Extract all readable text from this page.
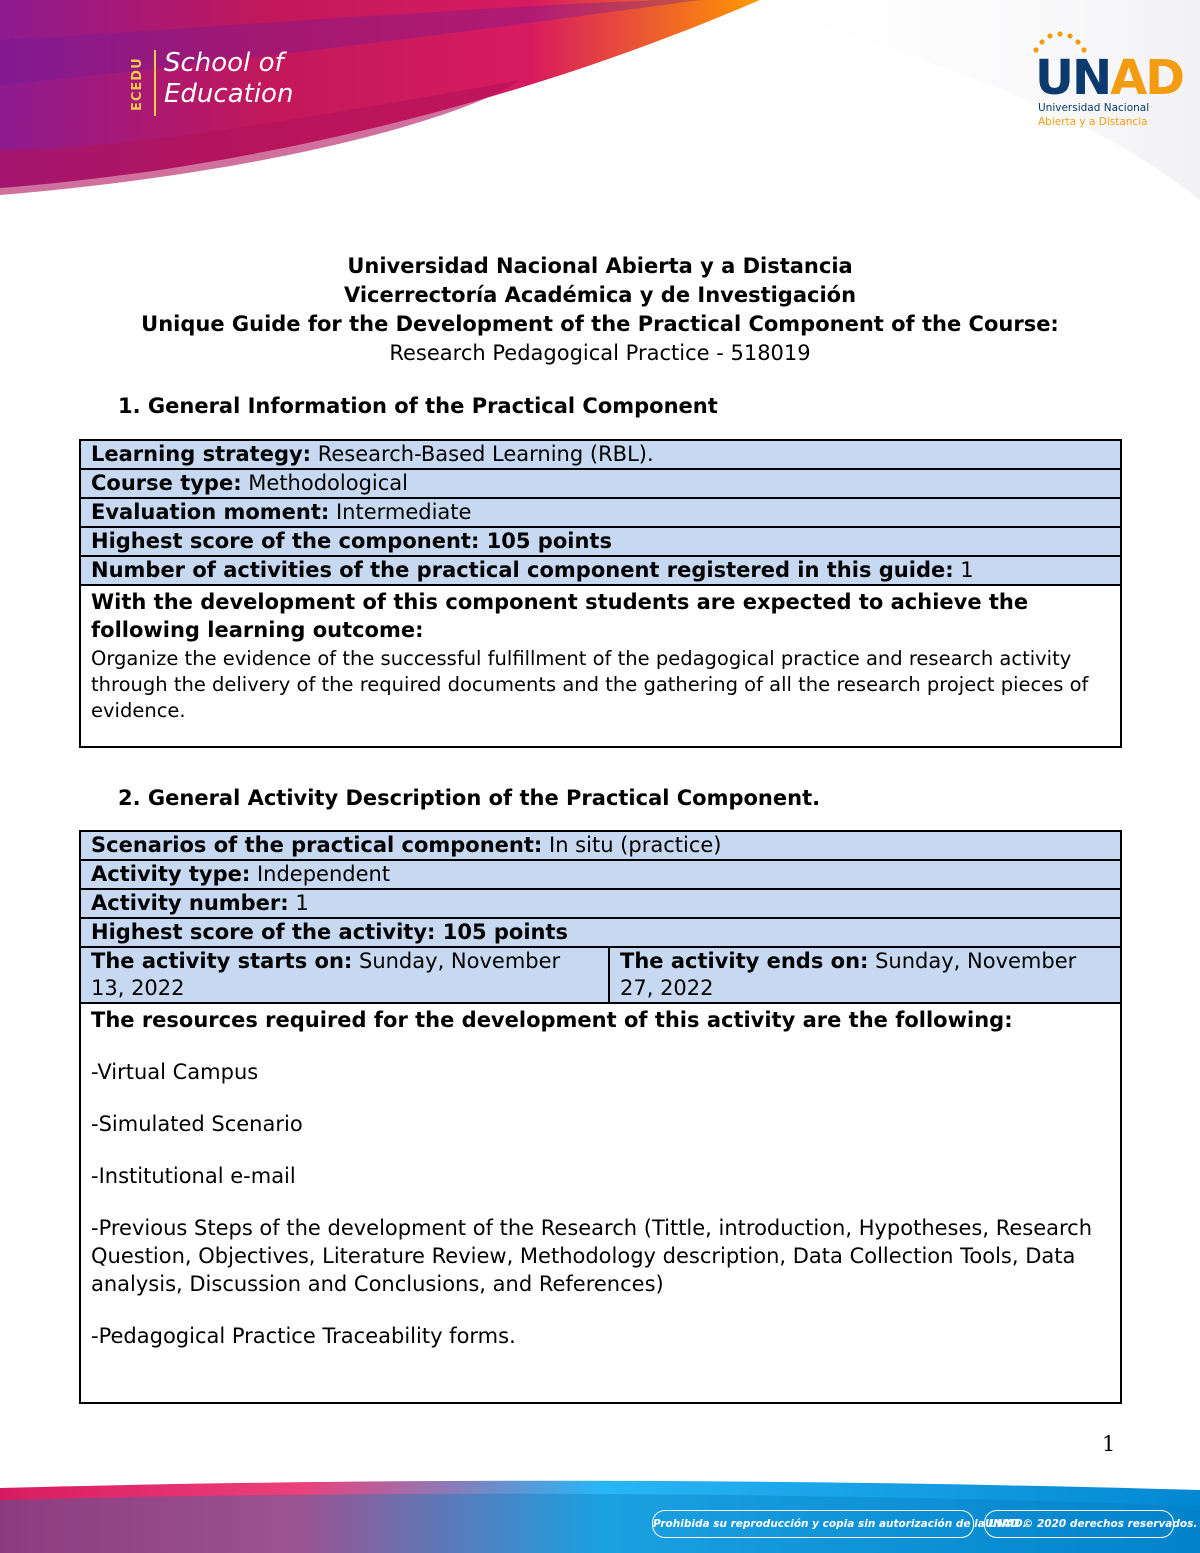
ECEDU School of
Education	UNAD
Universidad Nacional
Abierta y a Distancia
Universidad Nacional Abierta y a Distancia
Vicerrectoría Académica y de Investigación
Unique Guide for the Development of the Practical Component of the Course:
Research Pedagogical Practice - 518019
1. General Information of the Practical Component
Learning strategy: Research-Based Learning (RBL).
Course type: Methodological
Evaluation moment: Intermediate
Highest score of the component: 105 points
Number of activities of the practical component registered in this guide: 1

With the development of this component students are expected to achieve the following learning outcome:
Organize the evidence of the successful fulfillment of the pedagogical practice and research activity through the delivery of the required documents and the gathering of all the research project pieces of evidence.
2. General Activity Description of the Practical Component.
Scenarios of the practical component: In situ (practice)
Activity type: Independent
Activity number: 1
Highest score of the activity: 105 points
The activity starts on: Sunday, November 13, 2022	The activity ends on: Sunday, November 27, 2022

The resources required for the development of this activity are the following:
-Virtual Campus
-Simulated Scenario
-Institutional e-mail
-Previous Steps of the development of the Research (Tittle, introduction, Hypotheses, Research Question, Objectives, Literature Review, Methodology description, Data Collection Tools, Data analysis, Discussion and Conclusions, and References)
-Pedagogical Practice Traceability forms.
1
Prohibida su reproducción y copia sin autorización de la UNAD.
UNAD © 2020 derechos reservados.
